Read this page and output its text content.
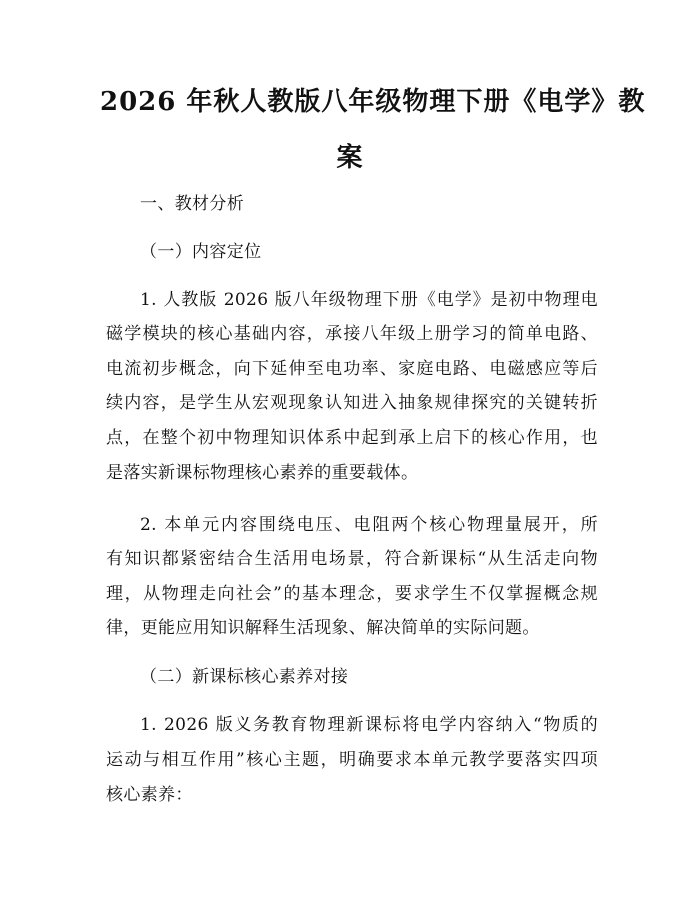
2026 年秋人教版八年级物理下册《电学》教
案
一、教材分析
（一）内容定位
1. 人教版 2026 版八年级物理下册《电学》是初中物理电
磁学模块的核心基础内容，承接八年级上册学习的简单电路、
电流初步概念，向下延伸至电功率、家庭电路、电磁感应等后
续内容，是学生从宏观现象认知进入抽象规律探究的关键转折
点，在整个初中物理知识体系中起到承上启下的核心作用，也
是落实新课标物理核心素养的重要载体。
2. 本单元内容围绕电压、电阻两个核心物理量展开，所
有知识都紧密结合生活用电场景，符合新课标“从生活走向物
理，从物理走向社会”的基本理念，要求学生不仅掌握概念规
律，更能应用知识解释生活现象、解决简单的实际问题。
（二）新课标核心素养对接
1. 2026 版义务教育物理新课标将电学内容纳入“物质的
运动与相互作用”核心主题，明确要求本单元教学要落实四项
核心素养：
